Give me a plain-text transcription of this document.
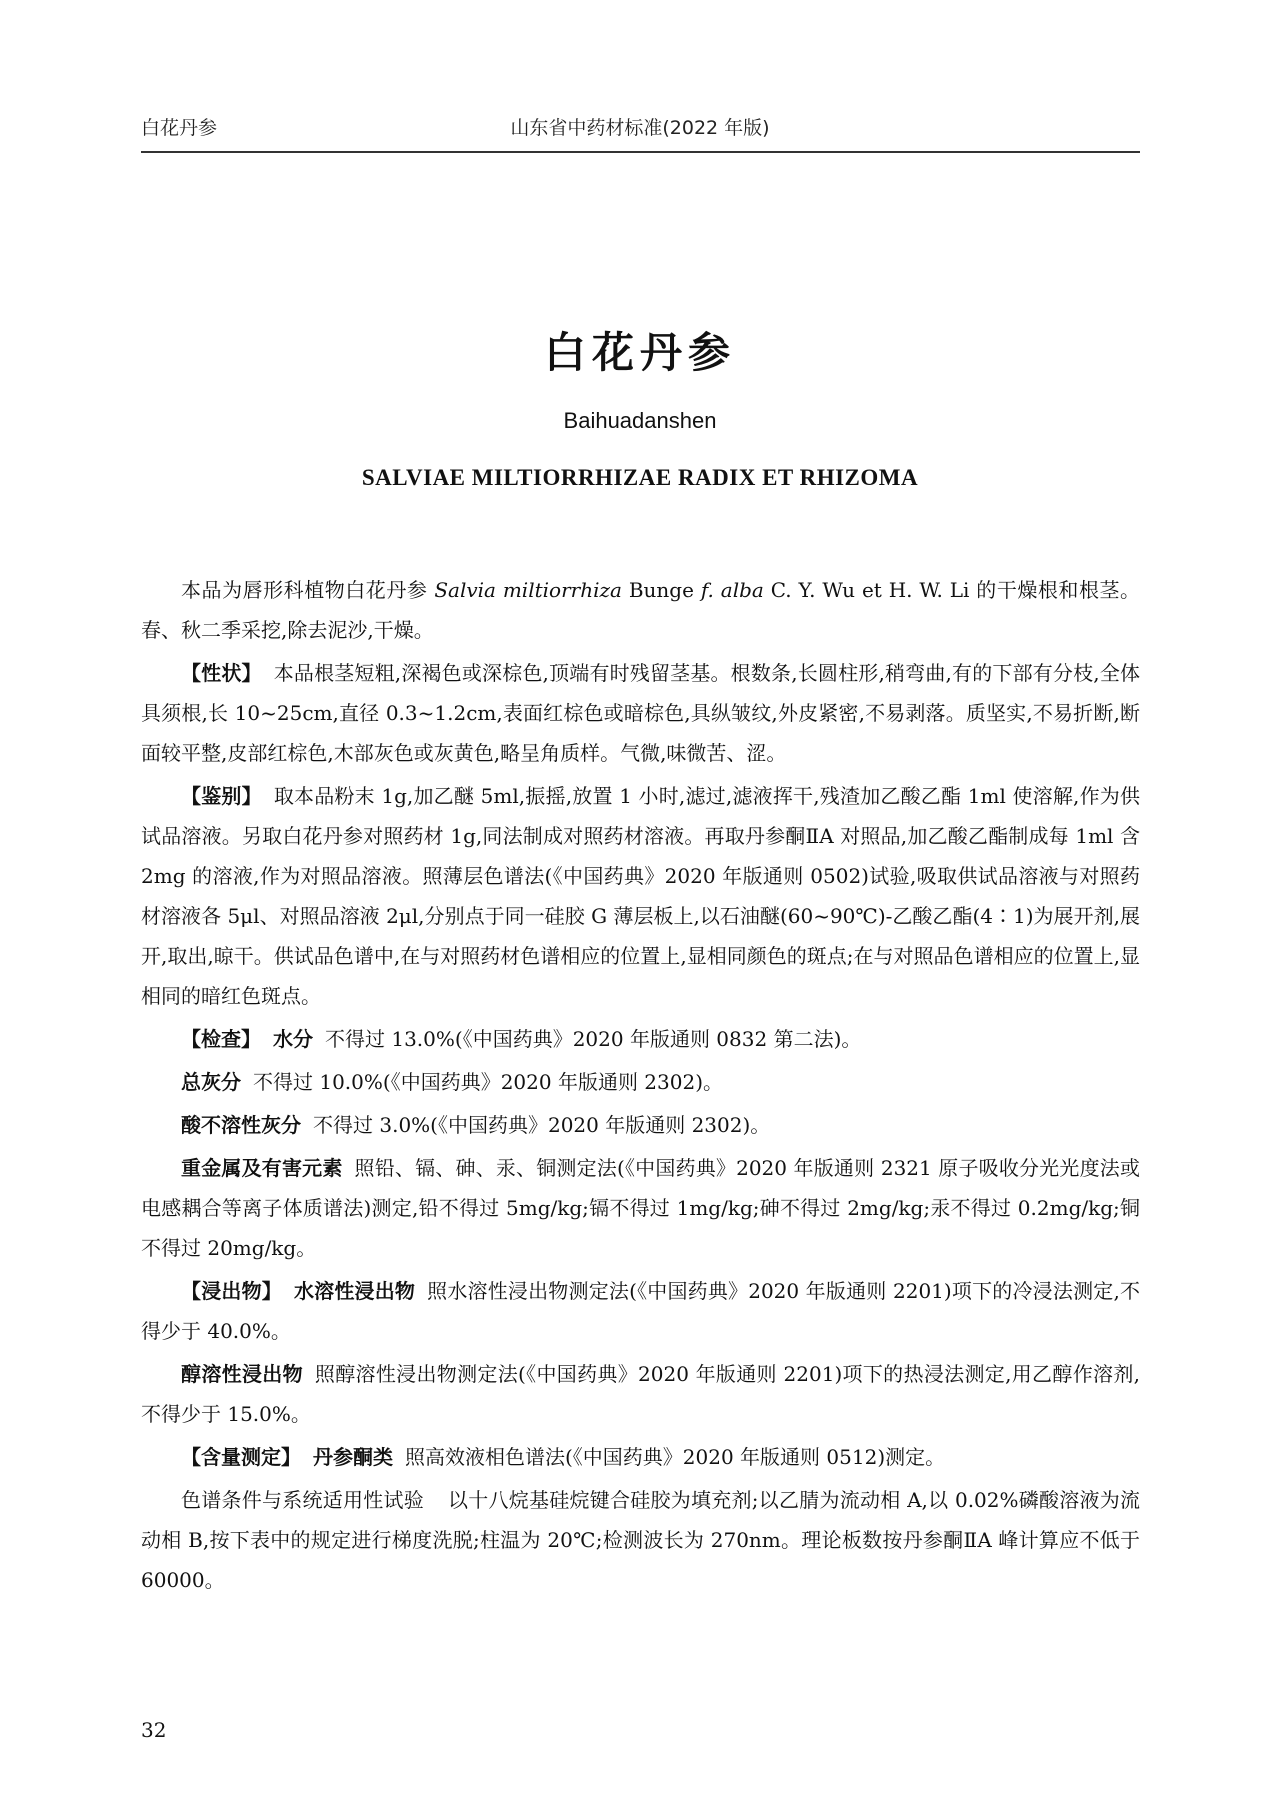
白花丹参	山东省中药材标准(2022 年版)
白花丹参
Baihuadanshen
SALVIAE MILTIORRHIZAE RADIX ET RHIZOMA

本品为唇形科植物白花丹参 Salvia miltiorrhiza Bunge f. alba C. Y. Wu et H. W. Li 的干燥根和根茎。春、秋二季采挖,除去泥沙,干燥。

【性状】 本品根茎短粗,深褐色或深棕色,顶端有时残留茎基。根数条,长圆柱形,稍弯曲,有的下部有分枝,全体具须根,长 10~25cm,直径 0.3~1.2cm,表面红棕色或暗棕色,具纵皱纹,外皮紧密,不易剥落。质坚实,不易折断,断面较平整,皮部红棕色,木部灰色或灰黄色,略呈角质样。气微,味微苦、涩。

【鉴别】 取本品粉末 1g,加乙醚 5ml,振摇,放置 1 小时,滤过,滤液挥干,残渣加乙酸乙酯 1ml 使溶解,作为供试品溶液。另取白花丹参对照药材 1g,同法制成对照药材溶液。再取丹参酮ⅡA 对照品,加乙酸乙酯制成每 1ml 含 2mg 的溶液,作为对照品溶液。照薄层色谱法(《中国药典》2020 年版通则 0502)试验,吸取供试品溶液与对照药材溶液各 5μl、对照品溶液 2μl,分别点于同一硅胶 G 薄层板上,以石油醚(60~90℃)-乙酸乙酯(4∶1)为展开剂,展开,取出,晾干。供试品色谱中,在与对照药材色谱相应的位置上,显相同颜色的斑点;在与对照品色谱相应的位置上,显相同的暗红色斑点。

【检查】 水分 不得过 13.0%(《中国药典》2020 年版通则 0832 第二法)。

总灰分 不得过 10.0%(《中国药典》2020 年版通则 2302)。

酸不溶性灰分 不得过 3.0%(《中国药典》2020 年版通则 2302)。

重金属及有害元素 照铅、镉、砷、汞、铜测定法(《中国药典》2020 年版通则 2321 原子吸收分光光度法或电感耦合等离子体质谱法)测定,铅不得过 5mg/kg;镉不得过 1mg/kg;砷不得过 2mg/kg;汞不得过 0.2mg/kg;铜不得过 20mg/kg。

【浸出物】 水溶性浸出物 照水溶性浸出物测定法(《中国药典》2020 年版通则 2201)项下的冷浸法测定,不得少于 40.0%。

醇溶性浸出物 照醇溶性浸出物测定法(《中国药典》2020 年版通则 2201)项下的热浸法测定,用乙醇作溶剂,不得少于 15.0%。

【含量测定】 丹参酮类 照高效液相色谱法(《中国药典》2020 年版通则 0512)测定。

色谱条件与系统适用性试验 以十八烷基硅烷键合硅胶为填充剂;以乙腈为流动相 A,以 0.02%磷酸溶液为流动相 B,按下表中的规定进行梯度洗脱;柱温为 20℃;检测波长为 270nm。理论板数按丹参酮ⅡA 峰计算应不低于 60000。

32
